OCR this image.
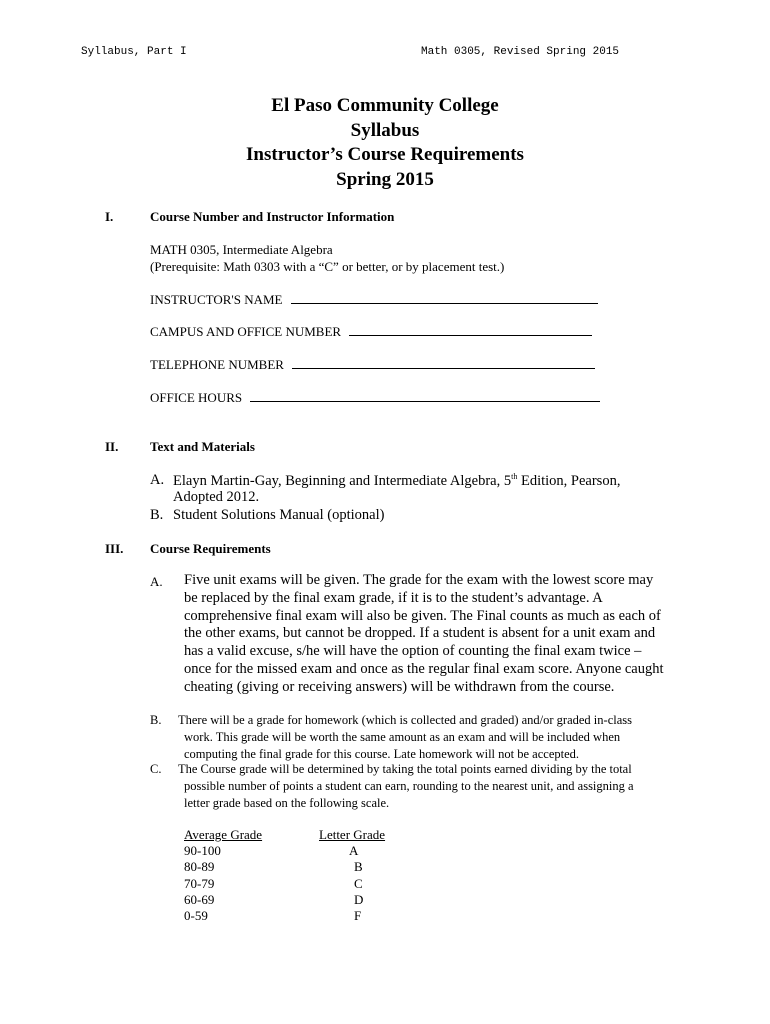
Syllabus, Part I	Math 0305, Revised Spring 2015
El Paso Community College
Syllabus
Instructor’s Course Requirements
Spring 2015
I.	Course Number and Instructor Information
MATH 0305, Intermediate Algebra
(Prerequisite: Math 0303 with a “C” or better, or by placement test.)
INSTRUCTOR'S NAME
CAMPUS AND OFFICE NUMBER
TELEPHONE NUMBER
OFFICE HOURS
II. Text and Materials
A. Elayn Martin-Gay, Beginning and Intermediate Algebra, 5th Edition, Pearson,
Adopted 2012.
B. Student Solutions Manual (optional)
III. Course Requirements
A. Five unit exams will be given. The grade for the exam with the lowest score may
be replaced by the final exam grade, if it is to the student’s advantage. A
comprehensive final exam will also be given. The Final counts as much as each of
the other exams, but cannot be dropped. If a student is absent for a unit exam and
has a valid excuse, s/he will have the option of counting the final exam twice –
once for the missed exam and once as the regular final exam score. Anyone caught
cheating (giving or receiving answers) will be withdrawn from the course.
B. There will be a grade for homework (which is collected and graded) and/or graded in-class
work. This grade will be worth the same amount as an exam and will be included when
computing the final grade for this course. Late homework will not be accepted.
C. The Course grade will be determined by taking the total points earned dividing by the total
possible number of points a student can earn, rounding to the nearest unit, and assigning a
letter grade based on the following scale.
Average Grade	Letter Grade
90-100	A
80-89	B
70-79	C
60-69	D
0-59	F
